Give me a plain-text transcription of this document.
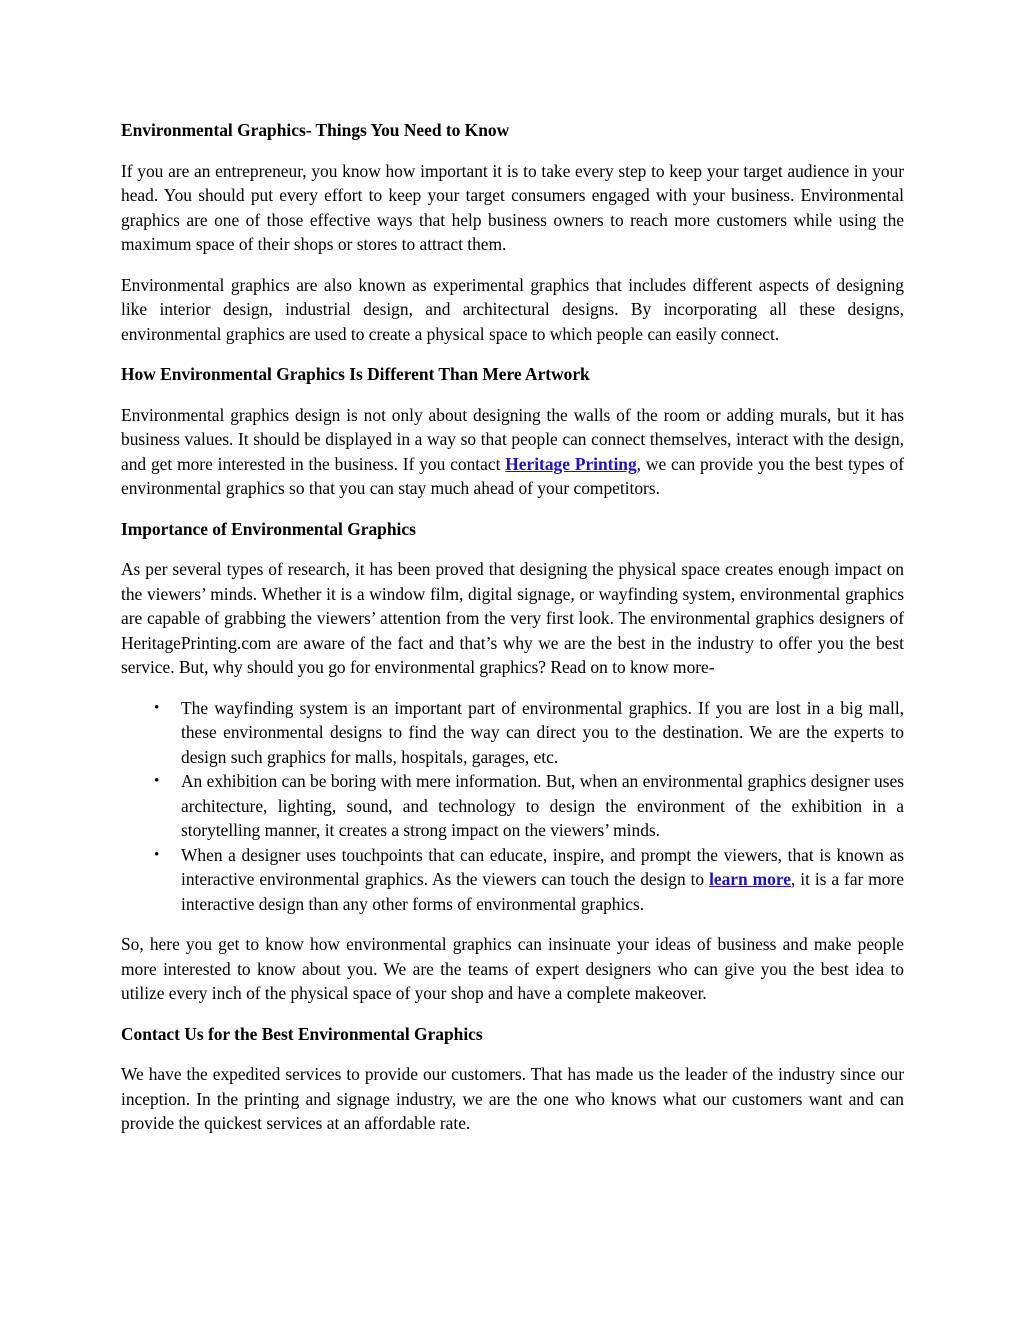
Environmental Graphics- Things You Need to Know

If you are an entrepreneur, you know how important it is to take every step to keep your target audience in your head. You should put every effort to keep your target consumers engaged with your business. Environmental graphics are one of those effective ways that help business owners to reach more customers while using the maximum space of their shops or stores to attract them.

Environmental graphics are also known as experimental graphics that includes different aspects of designing like interior design, industrial design, and architectural designs. By incorporating all these designs, environmental graphics are used to create a physical space to which people can easily connect.

How Environmental Graphics Is Different Than Mere Artwork

Environmental graphics design is not only about designing the walls of the room or adding murals, but it has business values. It should be displayed in a way so that people can connect themselves, interact with the design, and get more interested in the business. If you contact Heritage Printing, we can provide you the best types of environmental graphics so that you can stay much ahead of your competitors.

Importance of Environmental Graphics

As per several types of research, it has been proved that designing the physical space creates enough impact on the viewers’ minds. Whether it is a window film, digital signage, or wayfinding system, environmental graphics are capable of grabbing the viewers’ attention from the very first look. The environmental graphics designers of HeritagePrinting.com are aware of the fact and that’s why we are the best in the industry to offer you the best service. But, why should you go for environmental graphics? Read on to know more-

• The wayfinding system is an important part of environmental graphics. If you are lost in a big mall, these environmental designs to find the way can direct you to the destination. We are the experts to design such graphics for malls, hospitals, garages, etc.
• An exhibition can be boring with mere information. But, when an environmental graphics designer uses architecture, lighting, sound, and technology to design the environment of the exhibition in a storytelling manner, it creates a strong impact on the viewers’ minds.
• When a designer uses touchpoints that can educate, inspire, and prompt the viewers, that is known as interactive environmental graphics. As the viewers can touch the design to learn more, it is a far more interactive design than any other forms of environmental graphics.

So, here you get to know how environmental graphics can insinuate your ideas of business and make people more interested to know about you. We are the teams of expert designers who can give you the best idea to utilize every inch of the physical space of your shop and have a complete makeover.

Contact Us for the Best Environmental Graphics

We have the expedited services to provide our customers. That has made us the leader of the industry since our inception. In the printing and signage industry, we are the one who knows what our customers want and can provide the quickest services at an affordable rate.
